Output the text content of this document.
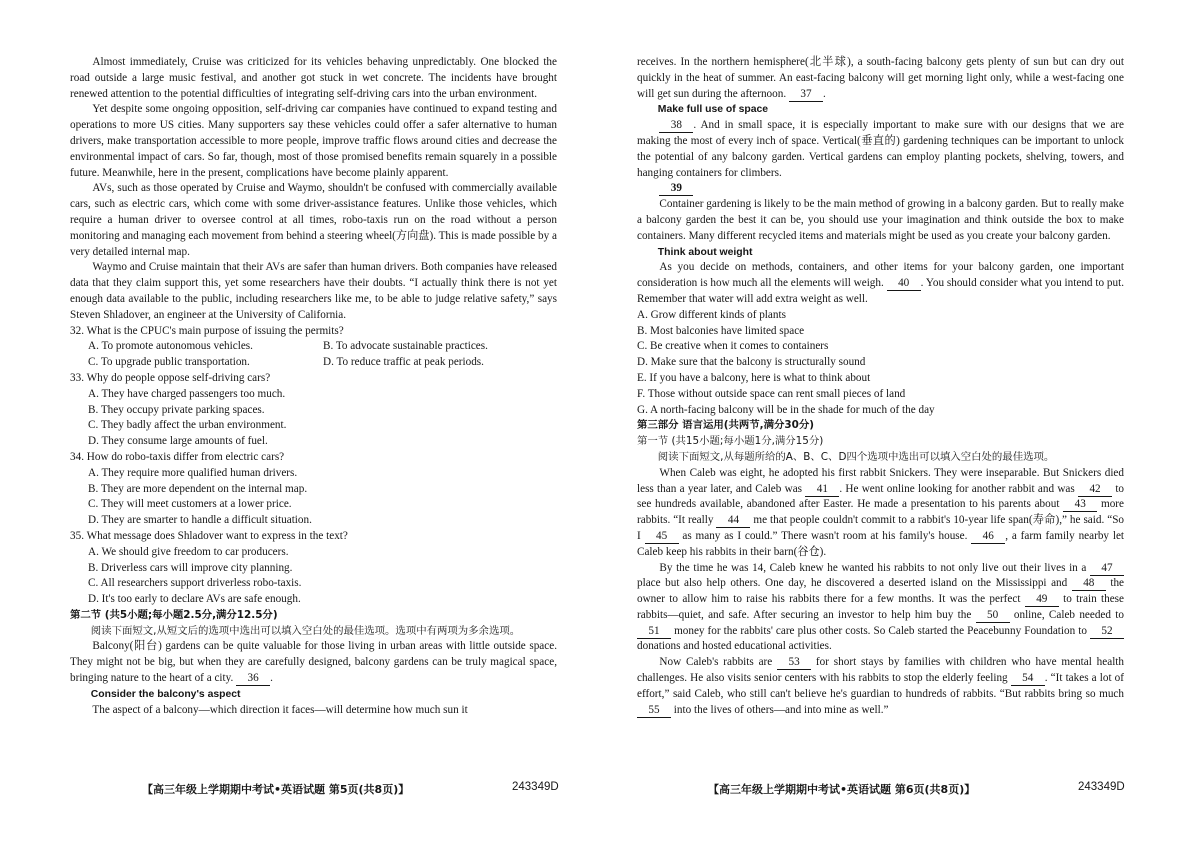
Almost immediately, Cruise was criticized for its vehicles behaving unpredictably. One blocked the road outside a large music festival, and another got stuck in wet concrete. The incidents have brought renewed attention to the potential difficulties of integrating self-driving cars into the urban environment.
Yet despite some ongoing opposition, self-driving car companies have continued to expand testing and operations to more US cities. Many supporters say these vehicles could offer a safer alternative to human drivers, make transportation accessible to more people, improve traffic flows around cities and decrease the environmental impact of cars. So far, though, most of those promised benefits remain squarely in a possible future. Meanwhile, here in the present, complications have become plainly apparent.
AVs, such as those operated by Cruise and Waymo, shouldn't be confused with commercially available cars, such as electric cars, which come with some driver-assistance features. Unlike those vehicles, which require a human driver to oversee control at all times, robo-taxis run on the road without a person monitoring and managing each movement from behind a steering wheel(方向盘). This is made possible by a very detailed internal map.
Waymo and Cruise maintain that their AVs are safer than human drivers. Both companies have released data that they claim support this, yet some researchers have their doubts. “I actually think there is not yet enough data available to the public, including researchers like me, to be able to judge relative safety,” says Steven Shladover, an engineer at the University of California.
32. What is the CPUC's main purpose of issuing the permits?
A. To promote autonomous vehicles.	B. To advocate sustainable practices.
C. To upgrade public transportation.	D. To reduce traffic at peak periods.
33. Why do people oppose self-driving cars?
A. They have charged passengers too much.
B. They occupy private parking spaces.
C. They badly affect the urban environment.
D. They consume large amounts of fuel.
34. How do robo-taxis differ from electric cars?
A. They require more qualified human drivers.
B. They are more dependent on the internal map.
C. They will meet customers at a lower price.
D. They are smarter to handle a difficult situation.
35. What message does Shladover want to express in the text?
A. We should give freedom to car producers.
B. Driverless cars will improve city planning.
C. All researchers support driverless robo-taxis.
D. It's too early to declare AVs are safe enough.
第二节 (共5小题;每小题2.5分,满分12.5分)
阅读下面短文,从短文后的选项中选出可以填入空白处的最佳选项。选项中有两项为多余选项。
Balcony(阳台) gardens can be quite valuable for those living in urban areas with little outside space. They might not be big, but when they are carefully designed, balcony gardens can be truly magical space, bringing nature to the heart of a city. 36 .
Consider the balcony's aspect
The aspect of a balcony—which direction it faces—will determine how much sun it
【高三年级上学期期中考试•英语试题 第5页(共8页)】	243349D
receives. In the northern hemisphere(北半球), a south-facing balcony gets plenty of sun but can dry out quickly in the heat of summer. An east-facing balcony will get morning light only, while a west-facing one will get sun during the afternoon. 37 .
Make full use of space
38 . And in small space, it is especially important to make sure with our designs that we are making the most of every inch of space. Vertical(垂直的) gardening techniques can be important to unlock the potential of any balcony garden. Vertical gardens can employ planting pockets, shelving, towers, and hanging containers for climbers.
39
Container gardening is likely to be the main method of growing in a balcony garden. But to really make a balcony garden the best it can be, you should use your imagination and think outside the box to make containers. Many different recycled items and materials might be used as you create your balcony garden.
Think about weight
As you decide on methods, containers, and other items for your balcony garden, one important consideration is how much all the elements will weigh. 40 . You should consider what you intend to put. Remember that water will add extra weight as well.
A. Grow different kinds of plants
B. Most balconies have limited space
C. Be creative when it comes to containers
D. Make sure that the balcony is structurally sound
E. If you have a balcony, here is what to think about
F. Those without outside space can rent small pieces of land
G. A north-facing balcony will be in the shade for much of the day
第三部分 语言运用(共两节,满分30分)
第一节 (共15小题;每小题1分,满分15分)
阅读下面短文,从每题所给的A、B、C、D四个选项中选出可以填入空白处的最佳选项。
When Caleb was eight, he adopted his first rabbit Snickers. They were inseparable. But Snickers died less than a year later, and Caleb was 41 . He went online looking for another rabbit and was 42 to see hundreds available, abandoned after Easter. He made a presentation to his parents about 43 more rabbits. “It really 44 me that people couldn't commit to a rabbit's 10-year life span(寿命),” he said. “So I 45 as many as I could.” There wasn't room at his family's house. 46 , a farm family nearby let Caleb keep his rabbits in their barn(谷仓).
By the time he was 14, Caleb knew he wanted his rabbits to not only live out their lives in a 47 place but also help others. One day, he discovered a deserted island on the Mississippi and 48 the owner to allow him to raise his rabbits there for a few months. It was the perfect 49 to train these rabbits—quiet, and safe. After securing an investor to help him buy the 50 online, Caleb needed to 51 money for the rabbits' care plus other costs. So Caleb started the Peacebunny Foundation to 52 donations and hosted educational activities.
Now Caleb's rabbits are 53 for short stays by families with children who have mental health challenges. He also visits senior centers with his rabbits to stop the elderly feeling 54 . “It takes a lot of effort,” said Caleb, who still can't believe he's guardian to hundreds of rabbits. “But rabbits bring so much 55 into the lives of others—and into mine as well.”
【高三年级上学期期中考试•英语试题 第6页(共8页)】	243349D
